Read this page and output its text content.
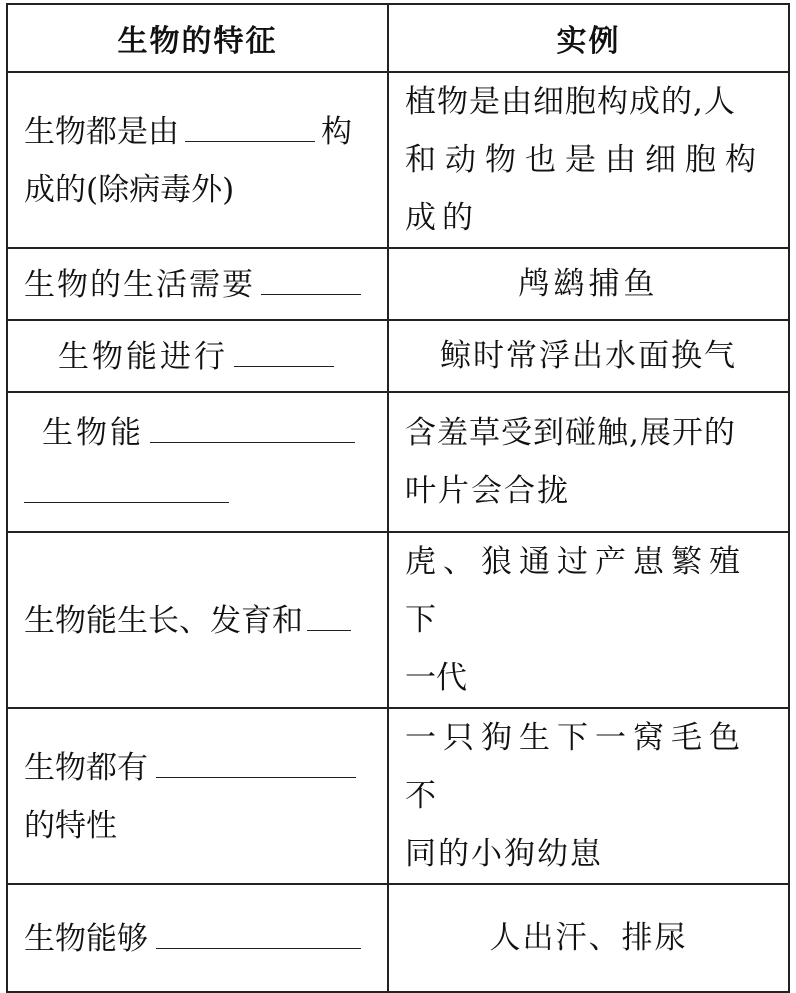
生物的特征	实例

生物都是由 构
成的(除病毒外)	植物是由细胞构成的,人
和动物也是由细胞构
成的

生物的生活需要	鸬鹚捕鱼
生物能进行	鲸时常浮出水面换气

生物能	含羞草受到碰触,展开的
叶片会合拢

生物能生长、发育和	虎、狼通过产崽繁殖下
一代

生物都有
的特性	一只狗生下一窝毛色不
同的小狗幼崽

生物能够	人出汗、排尿
